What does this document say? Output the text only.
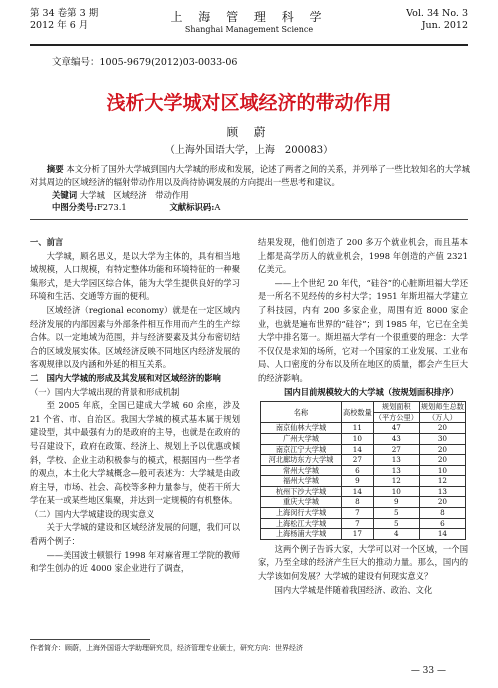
第 34 卷第 3 期
2012 年 6 月
上 海 管 理 科 学
Shanghai Management Science
Vol. 34 No. 3
Jun. 2012
文章编号：1005-9679(2012)03-0033-06
浅析大学城对区域经济的带动作用
顾 蔚
（上海外国语大学，上海　200083）
摘要 本文分析了国外大学城到国内大学城的形成和发展，论述了两者之间的关系，并列举了一些比较知名的大学城对其周边的区域经济的辐射带动作用以及尚待协调发展的方向提出一些思考和建议。
关键词 大学城　区域经济　带动作用
中图分类号:F273.1	文献标识码:A

一、前言

大学城，顾名思义，是以大学为主体的，具有相当地域规模，人口规模，有特定整体功能和环境特征的一种聚集形式，是大学园区综合体，能为大学生提供良好的学习环境和生活、交通等方面的便利。

区域经济（regional economy）就是在一定区域内经济发展的内部因素与外部条件相互作用而产生的生产综合体。以一定地域为范围，并与经济要素及其分布密切结合的区域发展实体。区域经济反映不同地区内经济发展的客观规律以及内涵和外延的相互关系。

二　国内大学城的形成及其发展和对区域经济的影响

（一）国内大学城出现的背景和形成机制

至 2005 年底，全国已建成大学城 60 余座，涉及 21 个省、市、自治区。我国大学城的模式基本属于规划建设型，其中最强有力的是政府的主导，也就是在政府的号召建设下，政府在政策、经济上、规划上予以优惠或倾斜，学校、企业主动积极参与的模式，根据国内一些学者的观点，本土化大学城概念—般可表述为：大学城是由政府主导，市场、社会、高校等多种力量参与，使若干所大学在某一或某些地区集聚，并达到一定规模的有机整体。

（二）国内大学城建设的现实意义

关于大学城的建设和区域经济发展的问题，我们可以看两个例子：

——美国波士顿银行 1998 年对麻省理工学院的教师和学生创办的近 4000 家企业进行了调查，

结果发现，他们创造了 200 多万个就业机会，而且基本上都是高学历人的就业机会，1998 年创造的产值 2321 亿美元。

——上个世纪 20 年代，“硅谷”的心脏斯坦福大学还是一所名不见经传的乡村大学；1951 年斯坦福大学建立了科技园，内有 200 多家企业，周围有近 8000 家企业，也就是遍布世界的“硅谷”；到 1985 年，它已在全美大学中排名第一。斯坦福大学有一个很重要的理念：大学不仅仅是求知的场所，它对一个国家的工业发展、工业布局、人口密度的分布以及所在地区的质量，都会产生巨大的经济影响。

国内目前规模较大的大学城（按规划面积排序）

名称	高校数量	规划面积	规划师生总数
		（平方公里）	（万人）
南京仙林大学城	11	47	20
广州大学城	10	43	30
南京江宁大学城	14	27	20
河北廊坊东方大学城	27	13	20
常州大学城	6	13	10
福州大学城	9	12	12
杭州下沙大学城	14	10	13
重庆大学城	8	9	20
上海闵行大学城	7	5	8
上海松江大学城	7	5	6
上海杨浦大学城	17	4	14

这两个例子告诉大家，大学可以对一个区域，一个国家，乃至全球的经济产生巨大的推动力量。那么，国内的大学该如何发展？大学城的建设有何现实意义？

国内大学城是伴随着我国经济、政治、文化

作者简介：顾蔚，上海外国语大学助理研究员，经济管理专业硕士，研究方向：世界经济
— 33 —
